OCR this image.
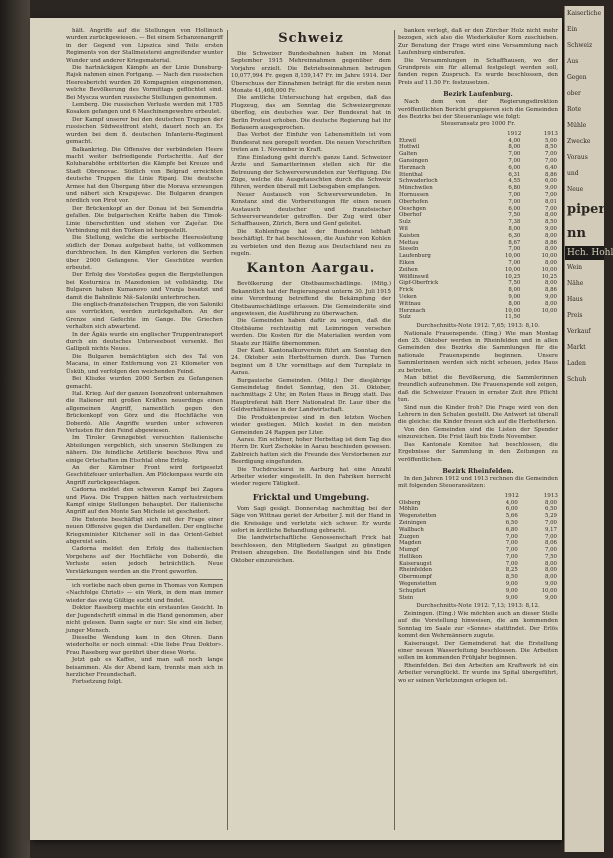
hält. Angriffe auf die Stellungen von Hollinuch wurden zurückgewiesen. — Bei einem Schanzenangriff in der Gegend von Lipszica sind Teile ersten Regiments von der Stallmeisterei angreifender wunter Wunder und anderer Kriegsmaterial.

Die hartnäckigen Kämpfe an der Linie Dunsburg-Rajsk nahmen einen Fortgang. — Nach den russischen Heeresbericht wurden 26 Kompagnien eingenommen, welche Bevölkerung des Vormittags geflüchtet sind. Bei Myscza wurden russische Stellungen genommen.

Lemberg. Die russischen Verluste werden mit 1785 Kosaken gefangen und 6 Maschinengewehre erbeutet.

Der Kampf unserer bei den deutschen Truppen der russischen Südwestfront steht, dauert noch an. Es wurden bei dem 8. deutschen Infanterie-Regiment gemacht.

Balkankrieg. Die Offensive der verbündeten Heere macht weiter befriedigende Fortschritte. Auf der Kolubarahöhe erbitterten die Kämpfe bei Kreuze und Stadt Obrenovac. Südlich von Belgrad erreichten deutsche Truppen die Linie Ripanj. Die deutsche Armee hat den Übergang über die Morava erzwungen und nähert sich Kragujevac. Die Bulgaren drangen nördlich von Pirot vor.

Der Brückenkopf an der Donau ist bei Semendria gefallen. Die bulgarischen Kräfte haben die Timok-Linie überschritten und stehen vor Zaječar. Die Verbindung mit den Türken ist hergestellt.

Die Stellung, welche die serbische Heeresleitung südlich der Donau aufgebaut hatte, ist vollkommen durchbrochen. In den Kämpfen verloren die Serben über 2000 Gefangene. Vier Geschütze wurden erbeutet.

Der Erfolg des Vorstoßes gegen die Bergstellungen bei Kosturnica in Mazedonien ist vollständig. Die Bulgaren haben Kumanovo und Vranja besetzt und damit die Bahnlinie Niš–Saloniki unterbrochen.

Die englisch-französischen Truppen, die von Saloniki aus vorrückten, werden zurückgehalten. An der Grenze sind Gefechte im Gange. Die Griechen verhalten sich abwartend.

In der Ägäis wurde ein englischer Truppentransport durch ein deutsches Unterseeboot versenkt. Bei Gallipoli nichts Neues.

Die Bulgaren bemächtigten sich des Tal von Macana, in einer Entfernung von 21 Kilometer von Üsküb, und verfolgen den weichenden Feind.

Bei Kliszke wurden 2000 Serben zu Gefangenen gemacht.

Ital. Krieg. Auf der ganzen Isonzofront unternahmen die Italiener mit großen Kräften neuerdings einen allgemeinen Angriff, namentlich gegen den Brückenkopf von Görz und die Hochfläche von Doberdò. Alle Angriffe wurden unter schweren Verlusten für den Feind abgewiesen.

Im Tiroler Grenzgebiet versuchten italienische Abteilungen vergeblich, sich unseren Stellungen zu nähern. Die feindliche Artillerie beschoss Riva und einige Ortschaften im Etschtal ohne Erfolg.

An der Kärntner Front wird fortgesetzt Geschützfeuer unterhalten. Am Plöckenpass wurde ein Angriff zurückgeschlagen.

Cadorna meldet den schweren Kampf bei Zagora und Plava. Die Truppen hätten nach verlustreichem Kampf einige Stellungen behauptet. Der italienische Angriff auf den Monte San Michele ist gescheitert.

Die Entente beschäftigt sich mit der Frage einer neuen Offensive gegen die Dardanellen. Der englische Kriegsminister Kitchener soll in das Orient-Gebiet abgereist sein.

Cadorna meldet den Erfolg des italienischen Vorgehens auf der Hochfläche von Doberdò, die Verluste seien jedoch beträchtlich. Neue Verstärkungen werden an die Front geworfen.

ich vorliebe nach oben gerne in Thomas von Kempen «Nachfolge Christi» — ein Werk, in dem man immer wieder das ewig Gültige sucht und findet.

Doktor Raseborg machte ein erstauntes Gesicht. In der Jugendschrift einmal in die Hand genommen, aber nicht gelesen. Dann sagte er nur: Sie sind ein lieber, junger Mensch.

Dieselbe Wendung kam in den Ohren. Dann wiederholte er noch einmal: «Die liebe Frau Doktor». Frau Raseborg war gerührt über diese Worte.

Jetzt gab es Kaffee, und man saß noch lange beisammen. Als der Abend kam, trennte man sich in herzlicher Freundschaft.

Fortsetzung folgt.

Schweiz

Die Schweizer Bundesbahnen haben im Monat September 1915 Mehreinnahmen gegenüber dem Vorjahre erzielt. Die Betriebseinnahmen betrugen 10,077,994 Fr. gegen 8,159,147 Fr. im Jahre 1914. Der Überschuss der Einnahmen beträgt für die ersten neun Monate 41,468,000 Fr.

Die amtliche Untersuchung hat ergeben, daß das Flugzeug, das am Sonntag die Schweizergrenze überflog, ein deutsches war. Der Bundesrat hat in Berlin Protest erhoben. Die deutsche Regierung hat ihr Bedauern ausgesprochen.

Das Verbot der Einfuhr von Lebensmitteln ist vom Bundesrat neu geregelt worden. Die neuen Vorschriften treten am 1. November in Kraft.

Eine Einladung geht durch's ganze Land. Schweizer Ärzte und Samariterinnen stellen sich für die Betreuung der Schwerverwundeten zur Verfügung. Die Züge, welche die Ausgetauschten durch die Schweiz führen, werden überall mit Liebesgaben empfangen.

Neuer Austausch von Schwerverwundeten. In Konstanz sind die Vorbereitungen für einen neuen Austausch deutscher und französischer Schwerverwundeter getroffen. Der Zug wird über Schaffhausen, Zürich, Bern und Genf geleitet.

Die Kohlenfrage hat der Bundesrat lebhaft beschäftigt. Er hat beschlossen, die Ausfuhr von Kohlen zu verbieten und den Bezug aus Deutschland neu zu regeln.

Kanton Aargau.

Bevölkerung der Obstbaumschädlinge. (Mitg.) Bekanntlich hat der Regierungsrat unterm 30. Juli 1915 eine Verordnung betreffend die Bekämpfung der Obstbaumschädlinge erlassen. Die Gemeinderäte sind angewiesen, die Ausführung zu überwachen.

Die Gemeinden haben dafür zu sorgen, daß die Obstbäume rechtzeitig mit Leimringen versehen werden. Die Kosten für die Materialien werden vom Staate zur Hälfte übernommen.

Der Kant. Kantonalkurverein führt am Sonntag den 24. Oktober sein Herbstturnen durch. Das Turnen beginnt um 8 Uhr vormittags auf dem Turnplatz in Aarau.

Burgauische Gemeinden. (Mitg.) Der diesjährige Gemeindetag findet Sonntag, den 31. Oktober, nachmittags 2 Uhr, im Roten Haus in Brugg statt. Das Hauptreferat hält Herr Nationalrat Dr. Laur über die Geldverhältnisse in der Landwirtschaft.

Die Produktenpreise sind in den letzten Wochen wieder gestiegen. Milch kostet in den meisten Gemeinden 24 Rappen per Liter.

Aarau. Ein schöner, hoher Herbsttag ist dem Tag des Herrn Dr. Kurt Zschokke in Aarau beschieden gewesen. Zahlreich hatten sich die Freunde des Verstorbenen zur Beerdigung eingefunden.

Die Tuchdruckerei in Aarburg hat eine Anzahl Arbeiter wieder eingestellt. In den Fabriken herrscht wieder regere Tätigkeit.

Fricktal und Umgebung.

Vom Sagi gesägt. Donnerstag nachmittag bei der Säge von Wittnau geriet der Arbeiter J. mit der Hand in die Kreissäge und verletzte sich schwer. Er wurde sofort in ärztliche Behandlung gebracht.

Die landwirtschaftliche Genossenschaft Frick hat beschlossen, den Mitgliedern Saatgut zu günstigen Preisen abzugeben. Die Bestellungen sind bis Ende Oktober einzureichen.

banken verlegt, daß er den Zürcher Holz nicht mehr bezogen, sich also die Wiederkäufer Korn zuschieben. Zur Beratung der Frage wird eine Versammlung nach Laufenburg einberufen.

Die Versammlungen in Schaffhausen, wo der Grundpreis ein für allemal festgelegt werden soll, fanden regen Zuspruch. Es wurde beschlossen, den Preis auf 11.50 Fr. festzusetzen.

Bezirk Laufenburg.

Nach dem von der Regierungsdirektion veröffentlichten Bericht gruppieren sich die Gemeinden des Bezirks bei der Steueranlage wie folgt:

Steueransatz pro 1000 Fr.
	1912	1913
Etzwil	4,00	5,00
Hottwil	8,00	8,50
Galten	7,00	7,00
Gansingen	7,00	7,00
Herznach	6,00	6,40
Ittenthal	6,31	8,86
Schwaderloch	4,55	6,00
Münchwilen	6,80	9,00
Hornussen	7,00	7,00
Oberhofen	7,00	8,01
Oeschgen	6,00	7,00
Oberhof	7,50	8,00
Sulz	7,38	8,50
Wil	8,00	9,00
Kaisten	6,30	8,00
Mettau	8,67	8,86
Sisseln	7,00	8,00
Laufenburg	10,00	10,00
Eiken	7,00	8,00
Zeihen	10,00	10,00
Wölflinswil	10,25	10,25
Gipf-Oberfrick	7,50	8,00
Frick	8,00	8,86
Ueken	9,00	9,00
Wittnau	8,00	8,00
Herznach	10,00	10,00
Sulz	11,50	
Durchschnitts-Note 1912: 7,65; 1913: 8,10.

Nationale Frauenspende. (Eing.) Wie man Montag den 25. Oktober werden in Rheinfelden und in allen Gemeinden des Bezirks die Sammlungen für die nationale Frauenspende beginnen. Unsere Sammlerinnen werden sich nicht scheuen, jedes Haus zu betreten.

Man bittet die Bevölkerung, die Sammlerinnen freundlich aufzunehmen. Die Frauenspende soll zeigen, daß die Schweizer Frauen in ernster Zeit ihre Pflicht tun.

Sind nun die Kinder froh? Die Frage wird von den Lehrern in den Schulen gestellt. Die Antwort ist überall die gleiche: die Kinder freuen sich auf die Herbstferien.

Von den Gemeinden sind die Listen der Spender einzureichen. Die Frist läuft bis Ende November.

Das Kantonale Komitee hat beschlossen, die Ergebnisse der Sammlung in den Zeitungen zu veröffentlichen.

Bezirk Rheinfelden.

In den Jahren 1912 und 1913 rechnen die Gemeinden mit folgenden Steueransätzen:

	1912	1913
Olsberg	4,00	8,00
Möhlin	6,00	6,50
Wegenstetten	5,66	5,29
Zeiningen	6,50	7,00
Wallbach	6,80	9,17
Zuzgen	7,00	7,00
Magden	7,00	8,06
Mumpf	7,00	7,00
Hellikon	7,00	7,50
Kaiseraugst	7,00	8,00
Rheinfelden	8,25	8,00
Obermumpf	8,50	8,00
Wegenstetten	9,00	9,00
Schupfart	9,00	10,00
Stein	9,00	9,00
Durchschnitts-Note 1912: 7,13; 1913: 8,12.

Zeiningen. (Eing.) Wie möchten auch an dieser Stelle auf die Vorstellung hinweisen, die am kommenden Sonntag im Saale zur «Sonne» stattfindet. Der Erlös kommt den Wehrmännern zugute.

Kaiseraugst. Der Gemeinderat hat die Erstellung einer neuen Wasserleitung beschlossen. Die Arbeiten sollen im kommenden Frühjahr beginnen.

Rheinfelden. Bei den Arbeiten am Kraftwerk ist ein Arbeiter verunglückt. Er wurde ins Spital übergeführt, wo er seinen Verletzungen erlegen ist.

Kaiserliche
Ein
Schweiz
Aus
Gegen
ober
Rote
Mühle
Zwecke
Voraus
und
Neue
piperr
nn
Hch. Hohl
Wein
Nähe
Haus
Preis
Verkauf
Markt
Laden
Schuh
